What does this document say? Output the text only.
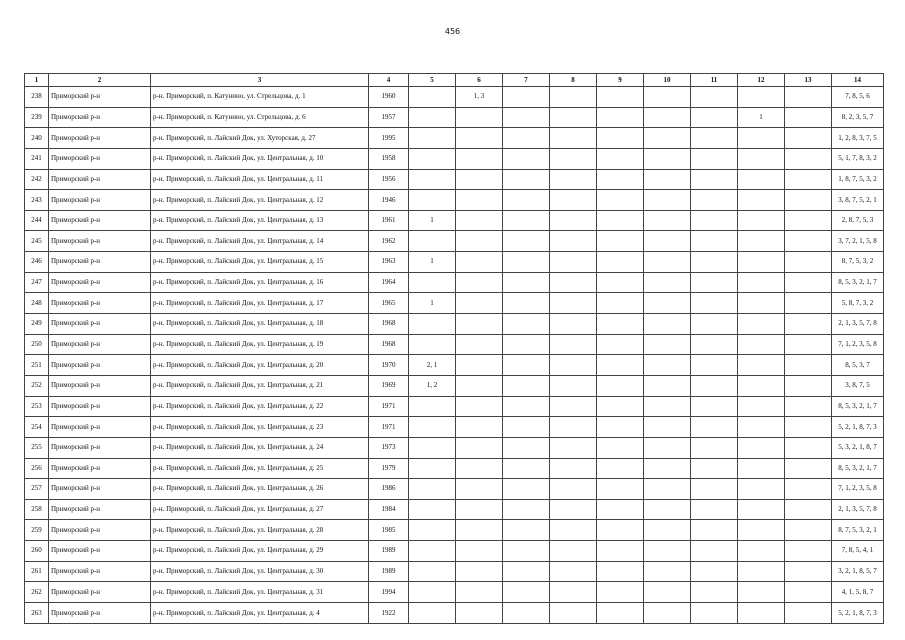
456
1	2	3	4	5	6	7	8	9	10	11	12	13	14
238	Приморский р-н	р-н. Приморский, п. Катунино, ул. Стрельцова, д. 1	1960		1, 3								7, 8, 5, 6
239	Приморский р-н	р-н. Приморский, п. Катунино, ул. Стрельцова, д. 6	1957								1		8, 2, 3, 5, 7
240	Приморский р-н	р-н. Приморский, п. Лайский Док, ул. Хуторская, д. 27	1995										1, 2, 8, 3, 7, 5
241	Приморский р-н	р-н. Приморский, п. Лайский Док, ул. Центральная, д. 10	1958										5, 1, 7, 8, 3, 2
242	Приморский р-н	р-н. Приморский, п. Лайский Док, ул. Центральная, д. 11	1956										1, 8, 7, 5, 3, 2
243	Приморский р-н	р-н. Приморский, п. Лайский Док, ул. Центральная, д. 12	1946										3, 8, 7, 5, 2, 1
244	Приморский р-н	р-н. Приморский, п. Лайский Док, ул. Центральная, д. 13	1961	1									2, 8, 7, 5, 3
245	Приморский р-н	р-н. Приморский, п. Лайский Док, ул. Центральная, д. 14	1962										3, 7, 2, 1, 5, 8
246	Приморский р-н	р-н. Приморский, п. Лайский Док, ул. Центральная, д. 15	1963	1									8, 7, 5, 3, 2
247	Приморский р-н	р-н. Приморский, п. Лайский Док, ул. Центральная, д. 16	1964										8, 5, 3, 2, 1, 7
248	Приморский р-н	р-н. Приморский, п. Лайский Док, ул. Центральная, д. 17	1965	1									5, 8, 7, 3, 2
249	Приморский р-н	р-н. Приморский, п. Лайский Док, ул. Центральная, д. 18	1968										2, 1, 3, 5, 7, 8
250	Приморский р-н	р-н. Приморский, п. Лайский Док, ул. Центральная, д. 19	1968										7, 1, 2, 3, 5, 8
251	Приморский р-н	р-н. Приморский, п. Лайский Док, ул. Центральная, д. 20	1970	2, 1									8, 5, 3, 7
252	Приморский р-н	р-н. Приморский, п. Лайский Док, ул. Центральная, д. 21	1969	1, 2									3, 8, 7, 5
253	Приморский р-н	р-н. Приморский, п. Лайский Док, ул. Центральная, д. 22	1971										8, 5, 3, 2, 1, 7
254	Приморский р-н	р-н. Приморский, п. Лайский Док, ул. Центральная, д. 23	1971										5, 2, 1, 8, 7, 3
255	Приморский р-н	р-н. Приморский, п. Лайский Док, ул. Центральная, д. 24	1973										5, 3, 2, 1, 8, 7
256	Приморский р-н	р-н. Приморский, п. Лайский Док, ул. Центральная, д. 25	1979										8, 5, 3, 2, 1, 7
257	Приморский р-н	р-н. Приморский, п. Лайский Док, ул. Центральная, д. 26	1986										7, 1, 2, 3, 5, 8
258	Приморский р-н	р-н. Приморский, п. Лайский Док, ул. Центральная, д. 27	1984										2, 1, 3, 5, 7, 8
259	Приморский р-н	р-н. Приморский, п. Лайский Док, ул. Центральная, д. 28	1985										8, 7, 5, 3, 2, 1
260	Приморский р-н	р-н. Приморский, п. Лайский Док, ул. Центральная, д. 29	1989										7, 8, 5, 4, 1
261	Приморский р-н	р-н. Приморский, п. Лайский Док, ул. Центральная, д. 30	1989										3, 2, 1, 8, 5, 7
262	Приморский р-н	р-н. Приморский, п. Лайский Док, ул. Центральная, д. 31	1994										4, 1, 5, 8, 7
263	Приморский р-н	р-н. Приморский, п. Лайский Док, ул. Центральная, д. 4	1922										5, 2, 1, 8, 7, 3
